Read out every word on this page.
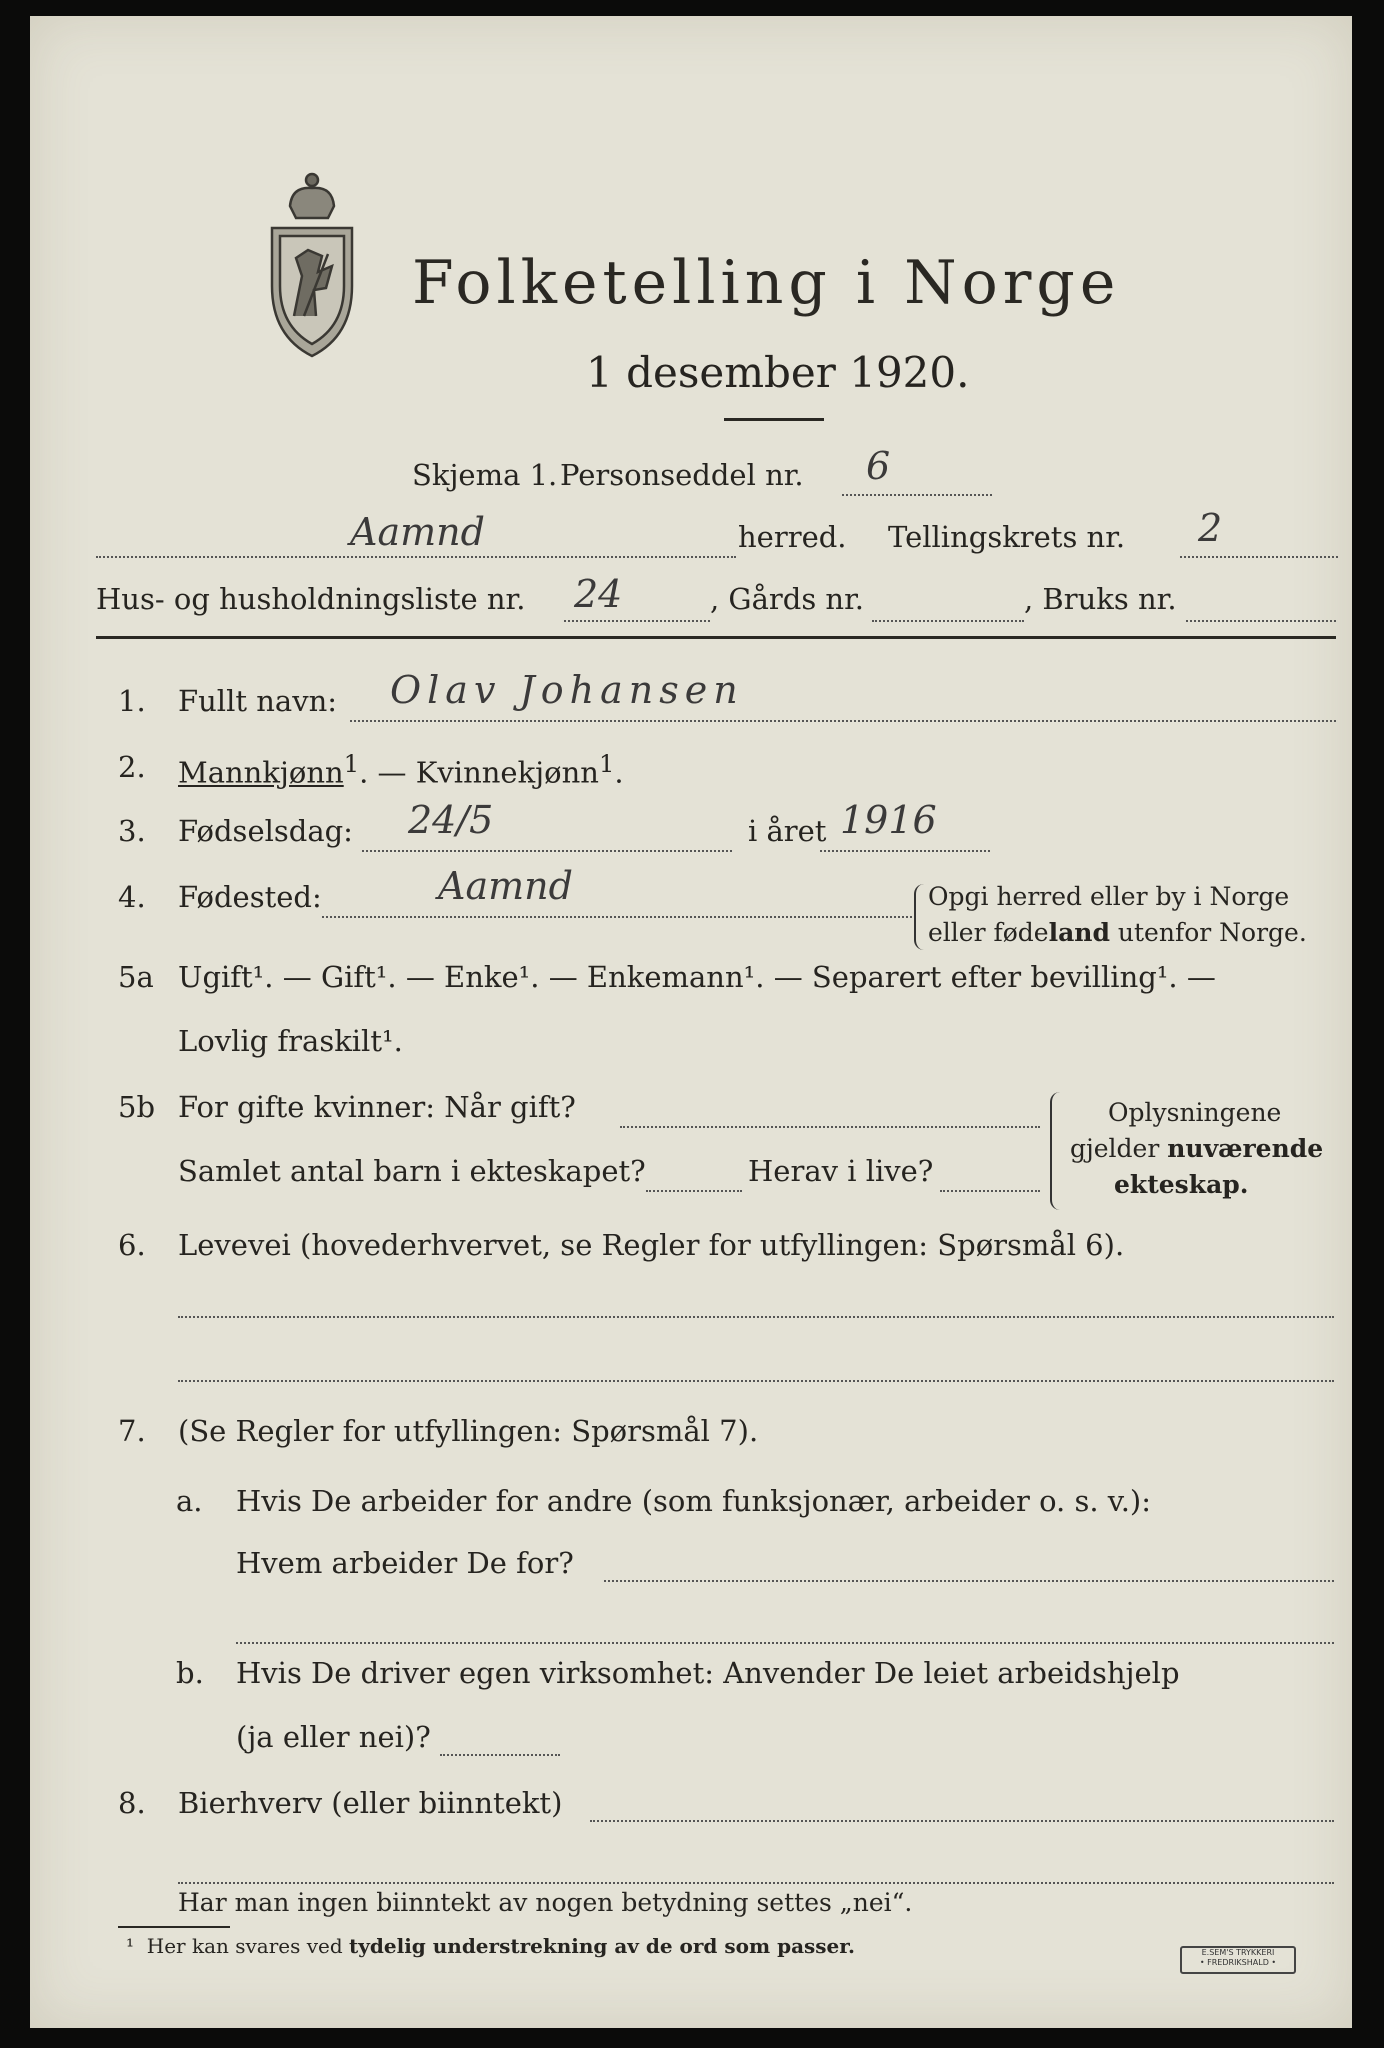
Folketelling i Norge
1 desember 1920.
Skjema 1. Personseddel nr. 6
Aamnd	herred. Tellingskrets nr. 2
Hus- og husholdningsliste nr. 24	, Gårds nr.	, Bruks nr.
1. Fullt navn: Olav Johansen
2. Mannkjønn$^1$. — Kvinnekjønn$^1$.
3. Fødselsdag: 24/5	i året 1916
4. Fødested:	Aamnd	Opgi herred eller by i Norge
eller fødeland utenfor Norge.
5a Ugift¹. — Gift¹. — Enke¹. — Enkemann¹. — Separert efter bevilling¹. —
Lovlig fraskilt¹.
5b For gifte kvinner: Når gift?
Samlet antal barn i ekteskapet?	Herav i live?
Oplysningene
gjelder nuværende
ekteskap.
6. Levevei (hovederhvervet, se Regler for utfyllingen: Spørsmål 6).
7. (Se Regler for utfyllingen: Spørsmål 7).
a. Hvis De arbeider for andre (som funksjonær, arbeider o. s. v.):
Hvem arbeider De for?
b. Hvis De driver egen virksomhet: Anvender De leiet arbeidshjelp
(ja eller nei)?
8. Bierhverv (eller biinntekt)
Har man ingen biinntekt av nogen betydning settes „nei“.
¹ Her kan svares ved tydelig understrekning av de ord som passer.	E.SEM'S TRYKKERI
• FREDRIKSHALD •
